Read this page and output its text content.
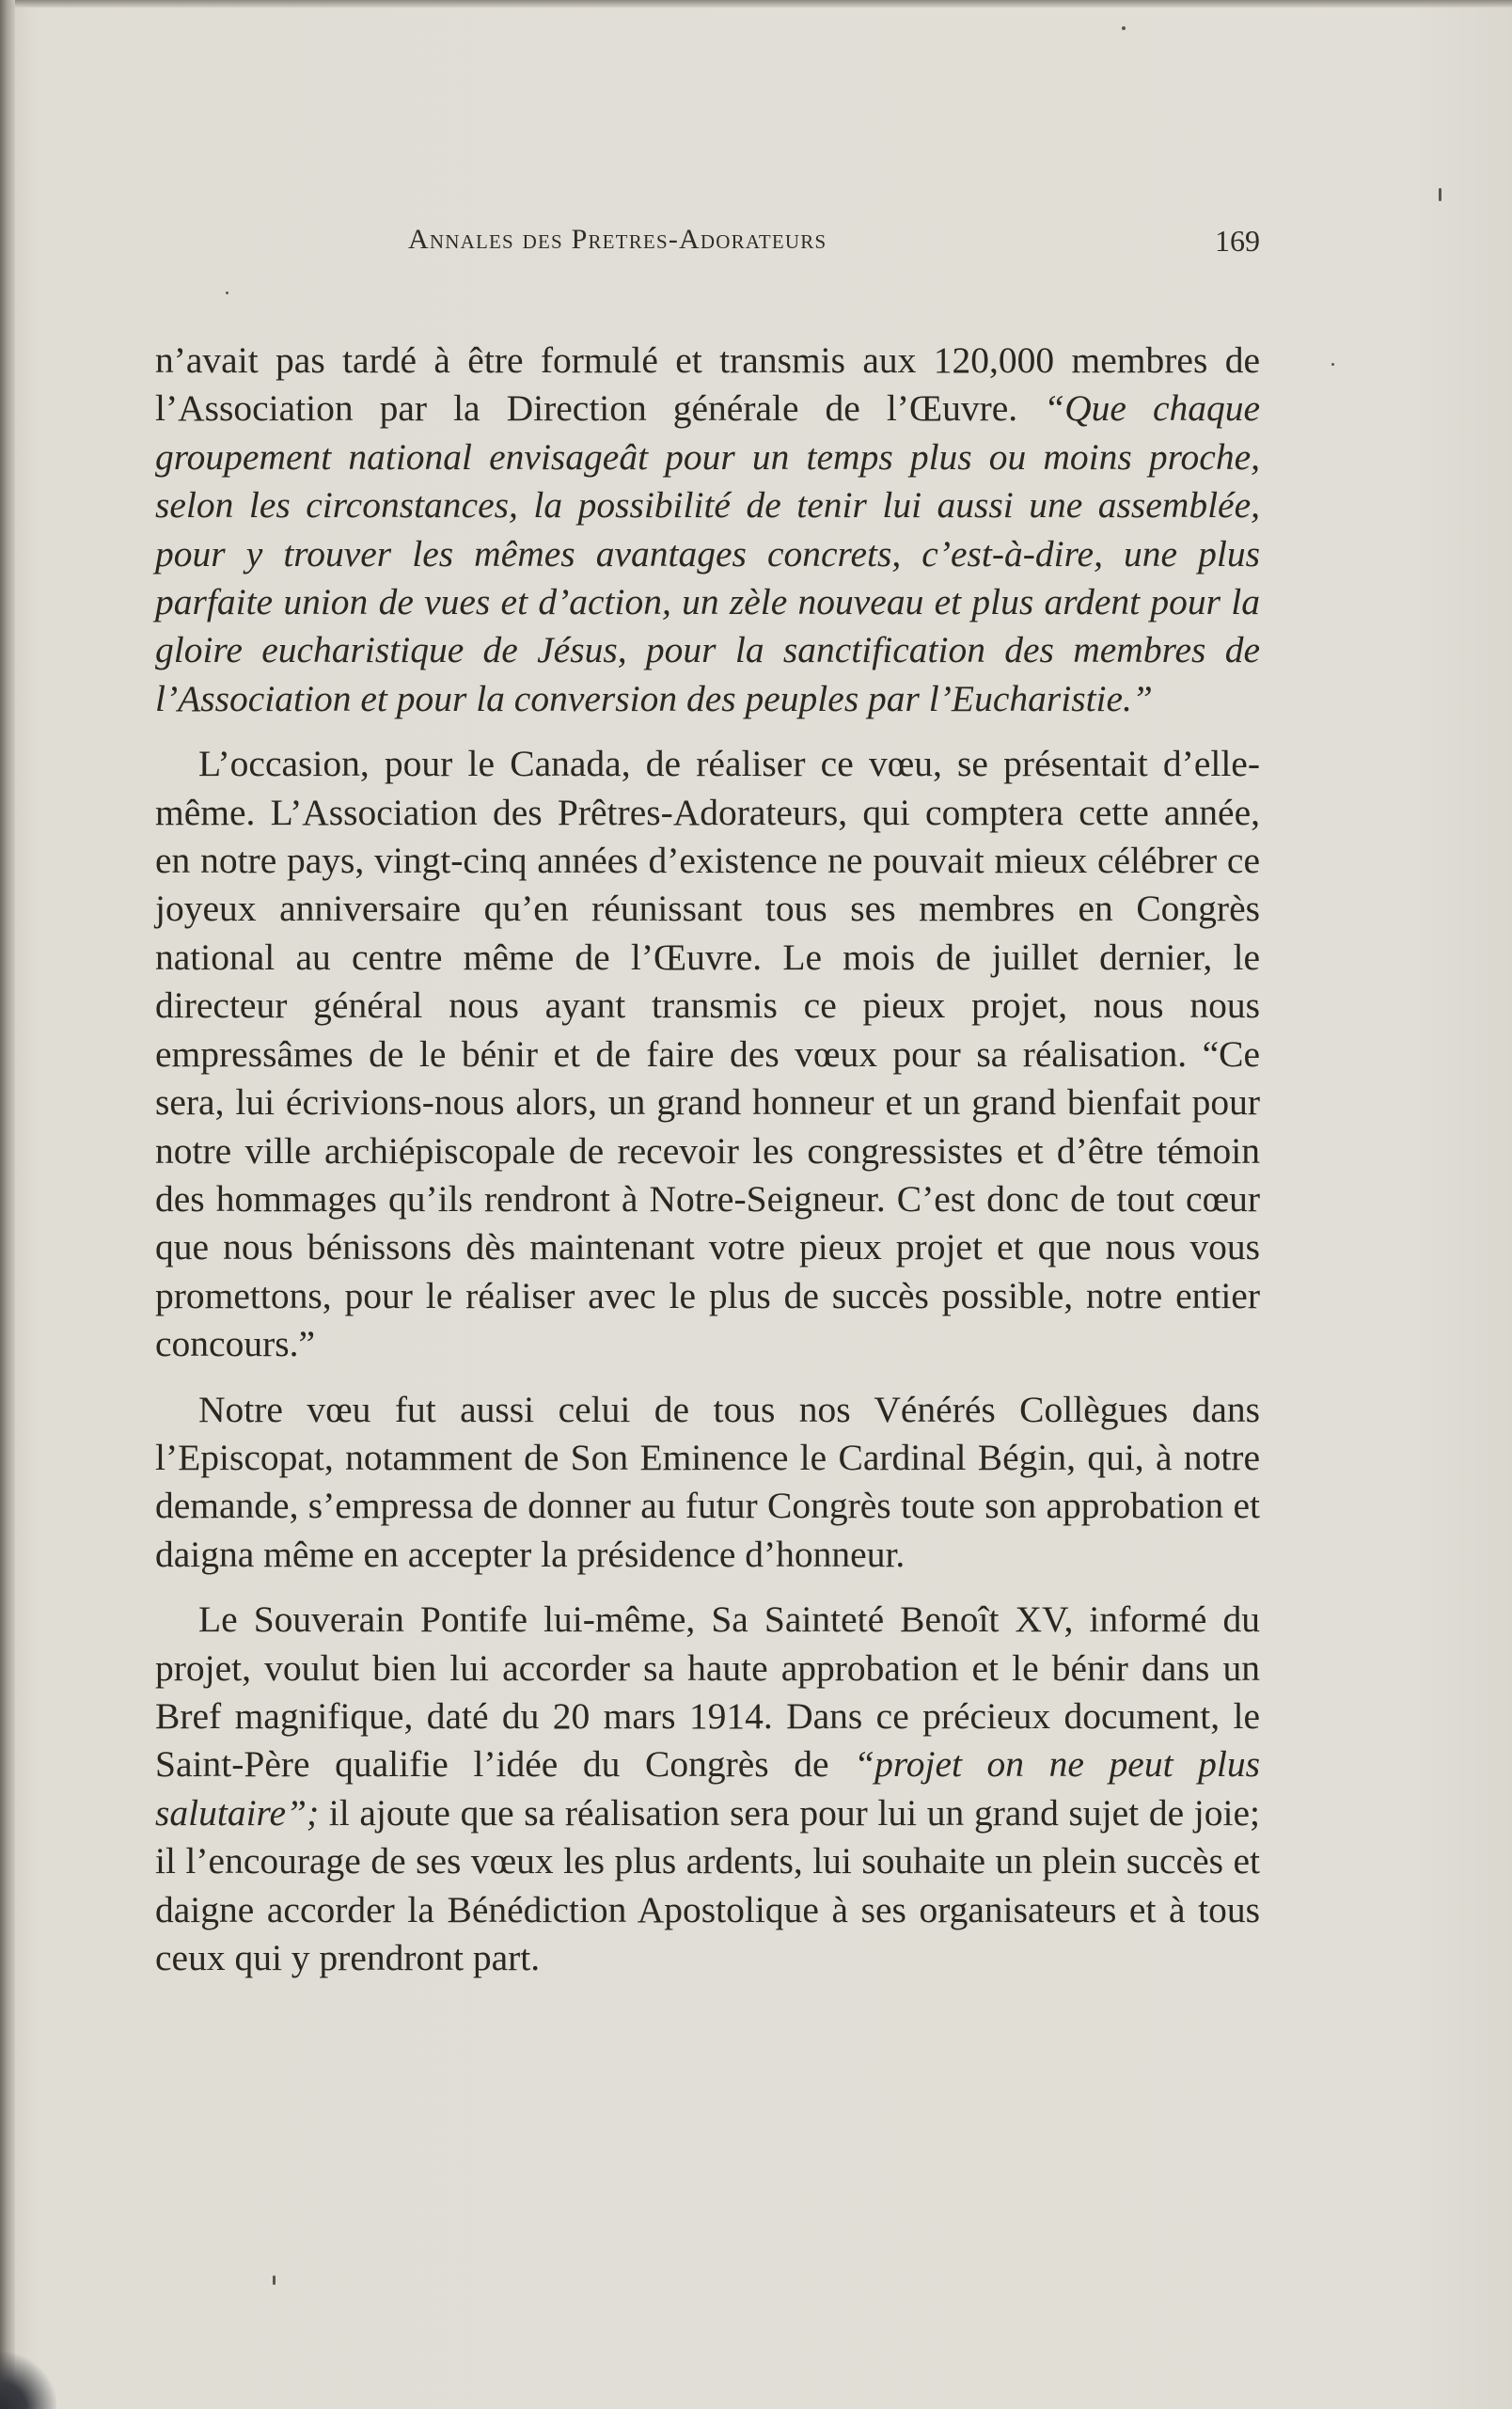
Annales des Pretres-Adorateurs	169

n’avait pas tardé à être formulé et transmis aux 120,000 membres de l’Association par la Direction générale de l’Œuvre. “Que chaque groupement national envisageât pour un temps plus ou moins proche, selon les circonstances, la possibilité de tenir lui aussi une assemblée, pour y trouver les mêmes avantages concrets, c’est-à-dire, une plus parfaite union de vues et d’action, un zèle nouveau et plus ardent pour la gloire eucharistique de Jésus, pour la sanctification des membres de l’Association et pour la conversion des peuples par l’Eucharistie.”

L’occasion, pour le Canada, de réaliser ce vœu, se présentait d’elle-même. L’Association des Prêtres-Adorateurs, qui comptera cette année, en notre pays, vingt-cinq années d’existence ne pouvait mieux célébrer ce joyeux anniversaire qu’en réunissant tous ses membres en Congrès national au centre même de l’Œuvre. Le mois de juillet dernier, le directeur général nous ayant transmis ce pieux projet, nous nous empressâmes de le bénir et de faire des vœux pour sa réalisation. “Ce sera, lui écrivions-nous alors, un grand honneur et un grand bienfait pour notre ville archiépiscopale de recevoir les congressistes et d’être témoin des hommages qu’ils rendront à Notre-Seigneur. C’est donc de tout cœur que nous bénissons dès maintenant votre pieux projet et que nous vous promettons, pour le réaliser avec le plus de succès possible, notre entier concours.”

Notre vœu fut aussi celui de tous nos Vénérés Collègues dans l’Episcopat, notamment de Son Eminence le Cardinal Bégin, qui, à notre demande, s’empressa de donner au futur Congrès toute son approbation et daigna même en accepter la présidence d’honneur.

Le Souverain Pontife lui-même, Sa Sainteté Benoît XV, informé du projet, voulut bien lui accorder sa haute approbation et le bénir dans un Bref magnifique, daté du 20 mars 1914. Dans ce précieux document, le Saint-Père qualifie l’idée du Congrès de “projet on ne peut plus salutaire”; il ajoute que sa réalisation sera pour lui un grand sujet de joie; il l’encourage de ses vœux les plus ardents, lui souhaite un plein succès et daigne accorder la Bénédiction Apostolique à ses organisateurs et à tous ceux qui y prendront part.
